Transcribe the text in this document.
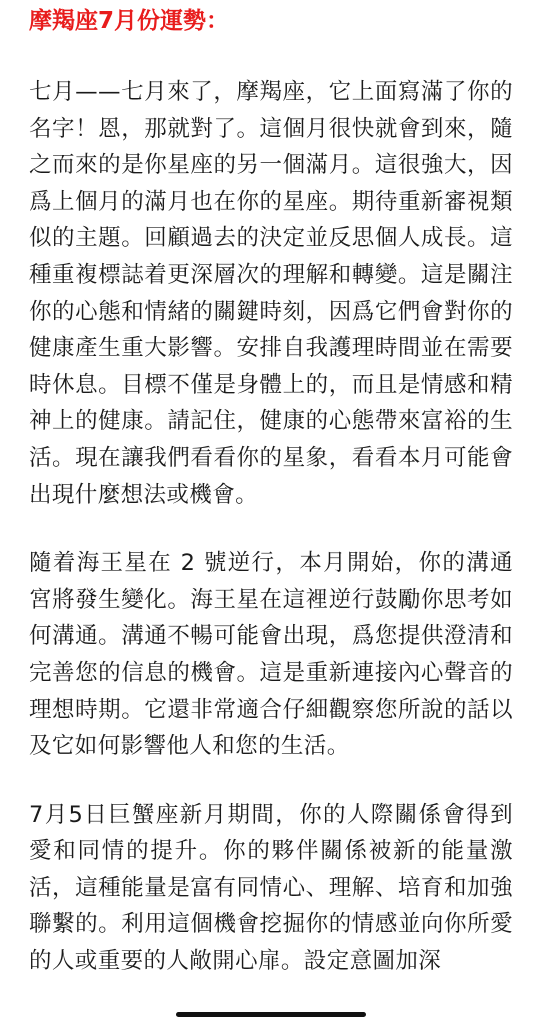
摩羯座7月份運勢：

七月——七月來了，摩羯座，它上面寫滿了你的名字！恩，那就對了。這個月很快就會到來，隨之而來的是你星座的另一個滿月。這很強大，因爲上個月的滿月也在你的星座。期待重新審視類似的主題。回顧過去的決定並反思個人成長。這種重複標誌着更深層次的理解和轉變。這是關注你的心態和情緒的關鍵時刻，因爲它們會對你的健康產生重大影響。安排自我護理時間並在需要時休息。目標不僅是身體上的，而且是情感和精神上的健康。請記住，健康的心態帶來富裕的生活。現在讓我們看看你的星象，看看本月可能會出現什麼想法或機會。

隨着海王星在 2 號逆行，本月開始，你的溝通宮將發生變化。海王星在這裡逆行鼓勵你思考如何溝通。溝通不暢可能會出現，爲您提供澄清和完善您的信息的機會。這是重新連接內心聲音的理想時期。它還非常適合仔細觀察您所說的話以及它如何影響他人和您的生活。

7月5日巨蟹座新月期間，你的人際關係會得到愛和同情的提升。你的夥伴關係被新的能量激活，這種能量是富有同情心、理解、培育和加強聯繫的。利用這個機會挖掘你的情感並向你所愛的人或重要的人敞開心扉。設定意圖加深
